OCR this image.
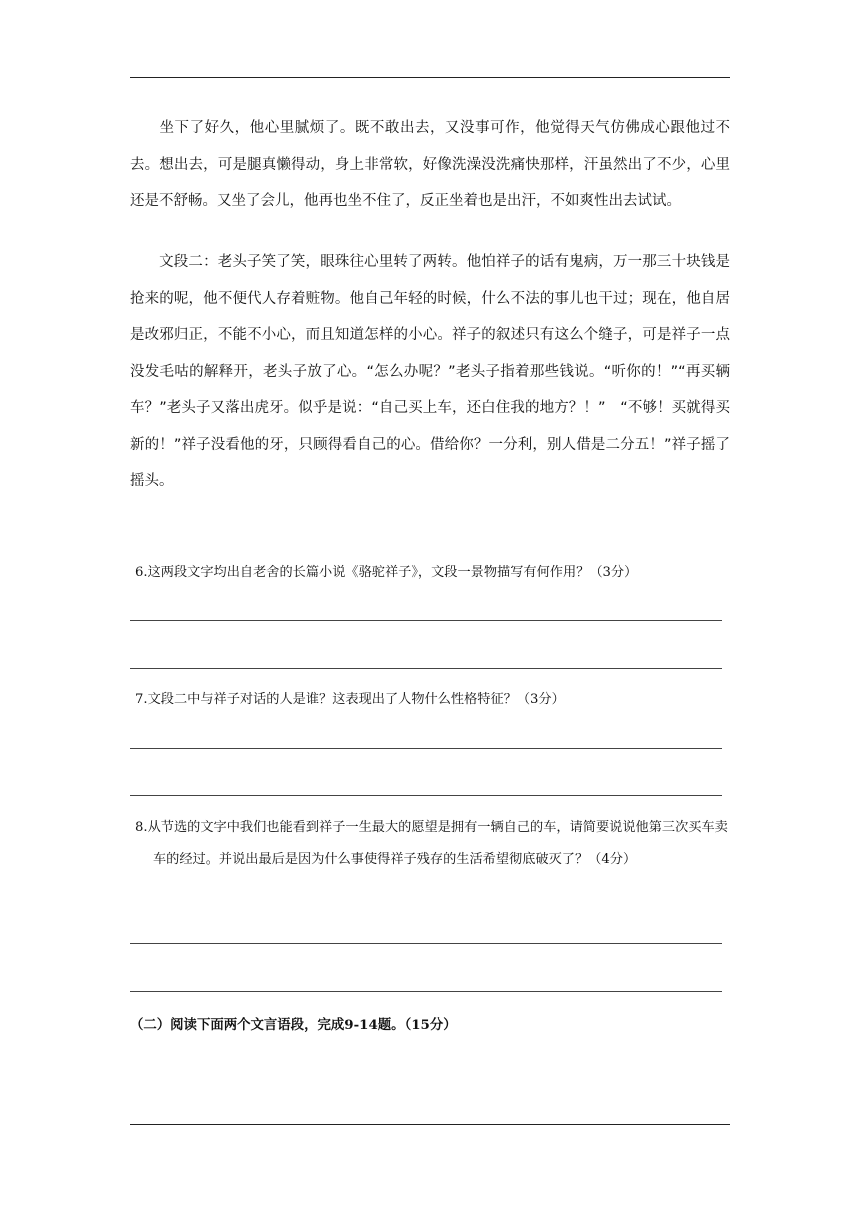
坐下了好久，他心里腻烦了。既不敢出去，又没事可作，他觉得天气仿佛成心跟他过不去。想出去，可是腿真懒得动，身上非常软，好像洗澡没洗痛快那样，汗虽然出了不少，心里还是不舒畅。又坐了会儿，他再也坐不住了，反正坐着也是出汗，不如爽性出去试试。

文段二：老头子笑了笑，眼珠往心里转了两转。他怕祥子的话有鬼病，万一那三十块钱是抢来的呢，他不便代人存着赃物。他自己年轻的时候，什么不法的事儿也干过；现在，他自居是改邪归正，不能不小心，而且知道怎样的小心。祥子的叙述只有这么个缝子，可是祥子一点没发毛咕的解释开，老头子放了心。“怎么办呢？”老头子指着那些钱说。“听你的！”“再买辆车？”老头子又落出虎牙。似乎是说：“自己买上车，还白住我的地方？！”　“不够！买就得买新的！”祥子没看他的牙，只顾得看自己的心。借给你？一分利，别人借是二分五！”祥子摇了摇头。

6.这两段文字均出自老舍的长篇小说《骆驼祥子》，文段一景物描写有何作用？（3分）

7.文段二中与祥子对话的人是谁？这表现出了人物什么性格特征？（3分）

8.从节选的文字中我们也能看到祥子一生最大的愿望是拥有一辆自己的车，请简要说说他第三次买车卖车的经过。并说出最后是因为什么事使得祥子残存的生活希望彻底破灭了？（4分）

（二）阅读下面两个文言语段，完成9-14题。（15分）
